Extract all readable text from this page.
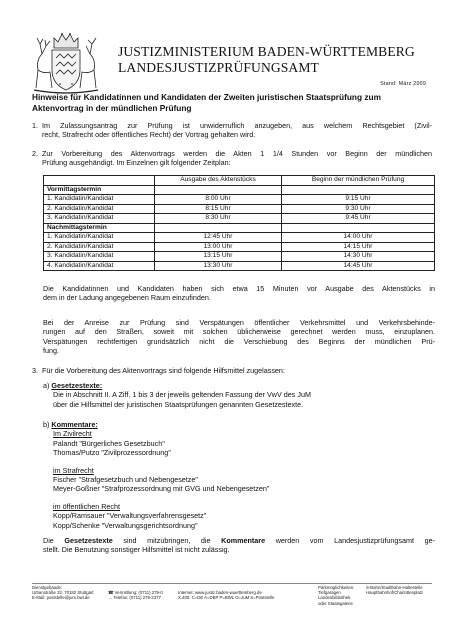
JUSTIZMINISTERIUM BADEN-WÜRTTEMBERG
LANDESJUSTIZPRÜFUNGSAMT
Stand: März 2009
Hinweise für Kandidatinnen und Kandidaten der Zweiten juristischen Staatsprüfung zum
Aktenvortrag in der mündlichen Prüfung
1. Im Zulassungsantrag zur Prüfung ist unwiderruflich anzugeben, aus welchem Rechtsgebiet (Zivil-
recht, Strafrecht oder öffentliches Recht) der Vortrag gehalten wird.
2. Zur Vorbereitung des Aktenvortrags werden die Akten 1 1/4 Stunden vor Beginn der mündlichen
Prüfung ausgehändigt. Im Einzelnen gilt folgender Zeitplan:
	Ausgabe des Aktenstücks	Beginn der mündlichen Prüfung
Vormittagstermin		
1. Kandidatin/Kandidat	8:00 Uhr	9:15 Uhr
2. Kandidatin/Kandidat	8:15 Uhr	9:30 Uhr
3. Kandidatin/Kandidat	8:30 Uhr	9:45 Uhr
Nachmittagstermin		
1. Kandidatin/Kandidat	12:45 Uhr	14:00 Uhr
2. Kandidatin/Kandidat	13:00 Uhr	14:15 Uhr
3. Kandidatin/Kandidat	13:15 Uhr	14:30 Uhr
4. Kandidatin/Kandidat	13:30 Uhr	14:45 Uhr
Die Kandidatinnen und Kandidaten haben sich etwa 15 Minuten vor Ausgabe des Aktenstücks in
dem in der Ladung angegebenen Raum einzufinden.
Bei der Anreise zur Prüfung sind Verspätungen öffentlicher Verkehrsmittel und Verkehrsbehinde-
rungen auf den Straßen, soweit mit solchen üblicherweise gerechnet werden muss, einzuplanen.
Verspätungen rechtfertigen grundsätzlich nicht die Verschiebung des Beginns der mündlichen Prü-
fung.
3. Für die Vorbereitung des Aktenvortrags sind folgende Hilfsmittel zugelassen:
a) Gesetzestexte:
Die in Abschnitt II. A Ziff. 1 bis 3 der jeweils geltenden Fassung der VwV des JuM
über die Hilfsmittel der juristischen Staatsprüfungen genannten Gesetzestexte.
b) Kommentare:
Im Zivilrecht
Palandt "Bürgerliches Gesetzbuch"
Thomas/Putzo "Zivilprozessordnung"
im Strafrecht
Fischer "Strafgesetzbuch und Nebengesetze"
Meyer-Goßner "Strafprozessordnung mit GVG und Nebengesetzen"
im öffentlichen Recht
Kopp/Ramsauer "Verwaltungsverfahrensgesetz"
Kopp/Schenke "Verwaltungsgerichtsordnung"
Die Gesetzestexte sind mitzubringen, die Kommentare werden vom Landesjustizprüfungsamt ge-
stellt. Die Benutzung sonstiger Hilfsmittel ist nicht zulässig.
Dienstgebäude:
Urbanstraße 32, 70182 Stuttgart
E-Mail: poststelle@jum.bwl.de
☎ Vermittlung: (0711) 279-0
→ Telefax: (0711) 279-2377
Internet: www.justiz.baden-wuerttemberg.de
X.400: C=DE A=DBP P=BWL O=JuM S=Poststelle
Parkmöglichkeiten:
Tiefgaragen
Landesbibliothek
oder Staatsgalerie
S-Bahn/Stadtbahn-Haltestelle
Hauptbahnhof/Charlottenplatz
